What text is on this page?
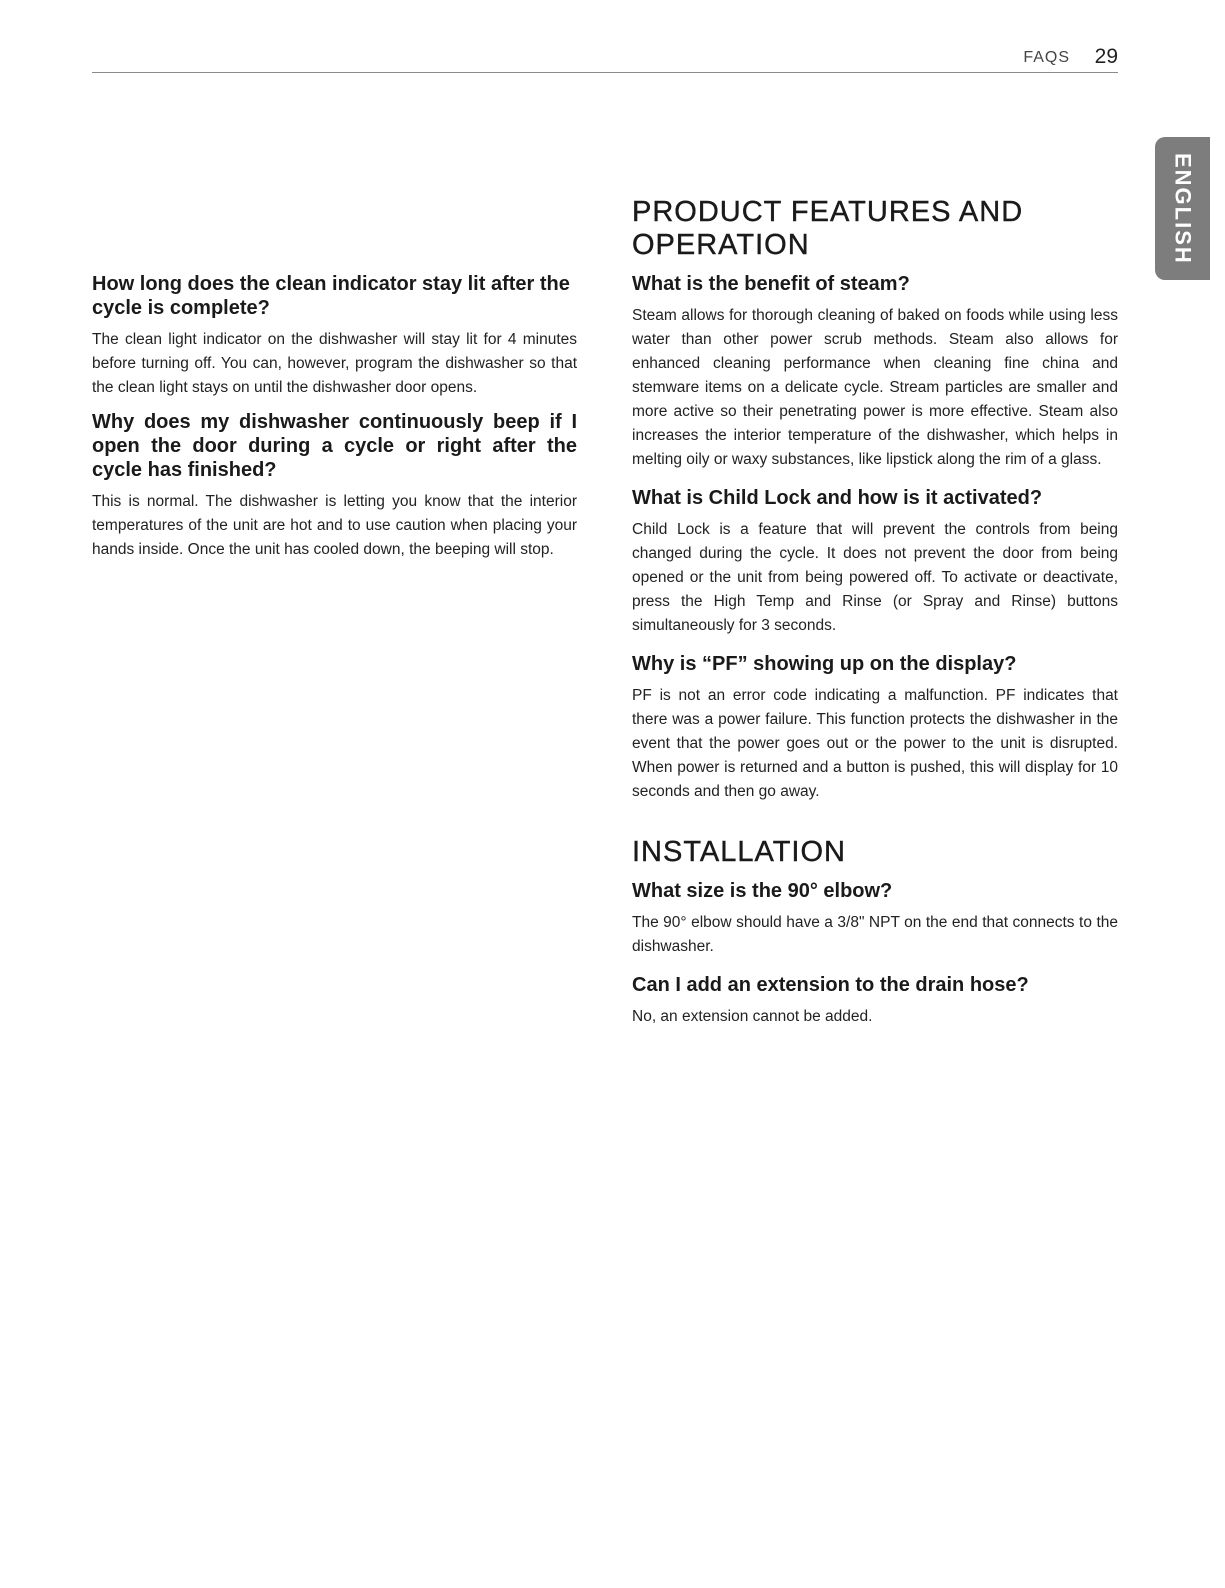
FAQS 29
ENGLISH
How long does the clean indicator stay lit after the cycle is complete?
The clean light indicator on the dishwasher will stay lit for 4 minutes before turning off. You can, however, program the dishwasher so that the clean light stays on until the dishwasher door opens.
Why does my dishwasher continuously beep if I open the door during a cycle or right after the cycle has finished?
This is normal. The dishwasher is letting you know that the interior temperatures of the unit are hot and to use caution when placing your hands inside. Once the unit has cooled down, the beeping will stop.
PRODUCT FEATURES AND OPERATION
What is the benefit of steam?
Steam allows for thorough cleaning of baked on foods while using less water than other power scrub methods. Steam also allows for enhanced cleaning performance when cleaning fine china and stemware items on a delicate cycle. Stream particles are smaller and more active so their penetrating power is more effective. Steam also increases the interior temperature of the dishwasher, which helps in melting oily or waxy substances, like lipstick along the rim of a glass.
What is Child Lock and how is it activated?
Child Lock is a feature that will prevent the controls from being changed during the cycle. It does not prevent the door from being opened or the unit from being powered off. To activate or deactivate, press the High Temp and Rinse (or Spray and Rinse) buttons simultaneously for 3 seconds.
Why is “PF” showing up on the display?
PF is not an error code indicating a malfunction. PF indicates that there was a power failure. This function protects the dishwasher in the event that the power goes out or the power to the unit is disrupted. When power is returned and a button is pushed, this will display for 10 seconds and then go away.
INSTALLATION
What size is the 90° elbow?
The 90° elbow should have a 3/8" NPT on the end that connects to the dishwasher.
Can I add an extension to the drain hose?
No, an extension cannot be added.
